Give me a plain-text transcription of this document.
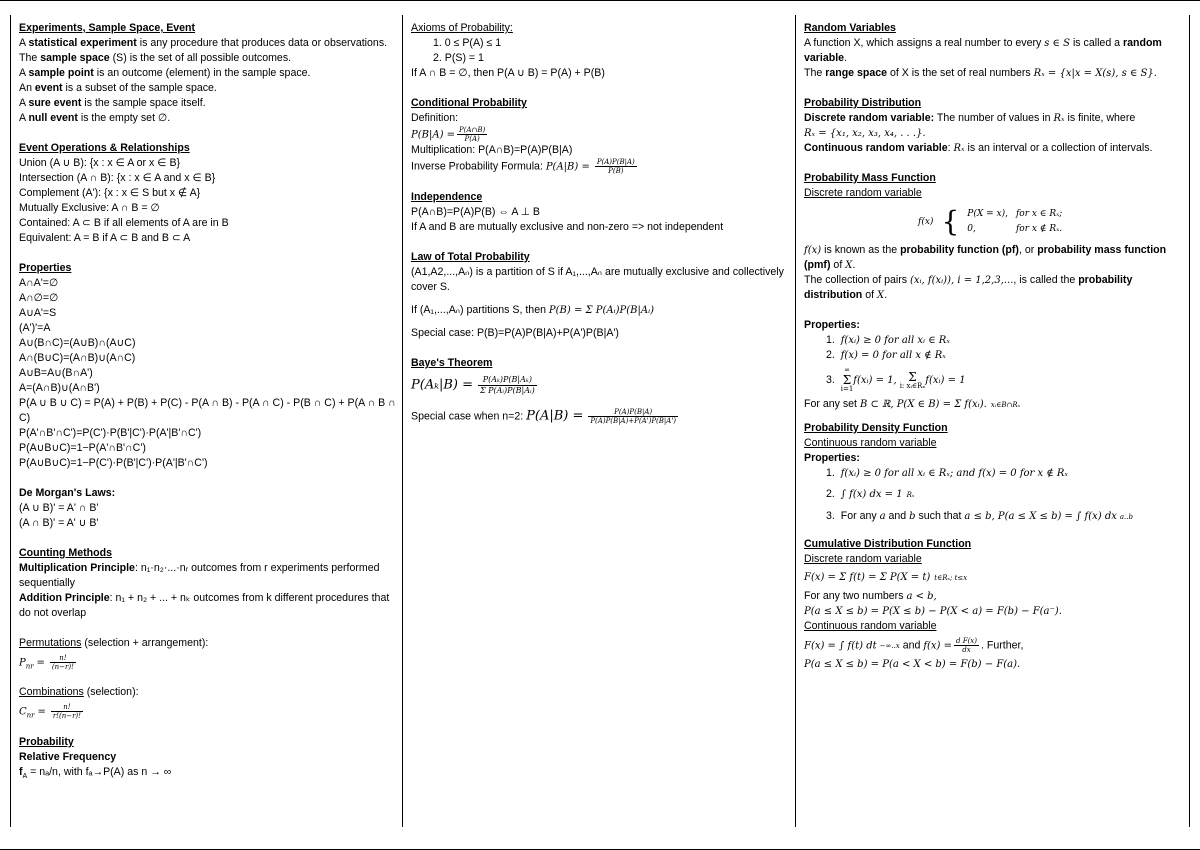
Experiments, Sample Space, Event
A statistical experiment is any procedure that produces data or observations.
The sample space (S) is the set of all possible outcomes.
A sample point is an outcome (element) in the sample space.
An event is a subset of the sample space.
A sure event is the sample space itself.
A null event is the empty set ∅.
Event Operations & Relationships
Union (A ∪ B): {x : x ∈ A or x ∈ B}
Intersection (A ∩ B): {x : x ∈ A and x ∈ B}
Complement (A'): {x : x ∈ S but x ∉ A}
Mutually Exclusive: A ∩ B = ∅
Contained: A ⊂ B if all elements of A are in B
Equivalent: A = B if A ⊂ B and B ⊂ A
Properties
A∩A'=∅
A∩∅=∅
A∪A'=S
(A')'=A
A∪(B∩C)=(A∪B)∩(A∪C)
A∩(B∪C)=(A∩B)∪(A∩C)
A∪B=A∪(B∩A')
A=(A∩B)∪(A∩B')
P(A ∪ B ∪ C) = P(A) + P(B) + P(C) - P(A ∩ B) - P(A ∩ C) - P(B ∩ C) + P(A ∩ B ∩ C)
P(A'∩B'∩C')=P(C')·P(B'|C')·P(A'|B'∩C')
P(A∪B∪C)=1−P(A'∩B'∩C')
P(A∪B∪C)=1−P(C')·P(B'|C')·P(A'|B'∩C')
De Morgan's Laws:
(A ∪ B)' = A' ∩ B'
(A ∩ B)' = A' ∪ B'
Counting Methods
Multiplication Principle: n₁·n₂·...·nᵣ outcomes from r experiments performed sequentially
Addition Principle: n₁ + n₂ + ... + nₖ outcomes from k different procedures that do not overlap
Permutations (selection + arrangement):
$P_{nr} = \frac{n!}{(n-r)!}$
Combinations (selection):
$C_{nr} = \frac{n!}{r!(n-r)!}$
Probability
Relative Frequency
$f_A = n_a/n$, with fₐ→P(A) as n → ∞
Axioms of Probability:
1. 0 ≤ P(A) ≤ 1
2. P(S) = 1
If A ∩ B = ∅, then P(A ∪ B) = P(A) + P(B)
Conditional Probability
Definition:
$P(B|A) = \frac{P(A\cap B)}{P(A)}$
Multiplication: P(A∩B)=P(A)P(B|A)
Inverse Probability Formula: $P(A|B) = \frac{P(A)P(B|A)}{P(B)}$
Independence
P(A∩B)=P(A)P(B) ⇔ A ⊥ B
If A and B are mutually exclusive and non-zero => not independent
Law of Total Probability
(A1,A2,...,Aₙ) is a partition of S if A₁,...,Aₙ are mutually exclusive and collectively cover S.
If (A₁,...,Aₙ) partitions S, then P(B) = Σ P(Aᵢ)P(B|Aᵢ)
Special case: P(B)=P(A)P(B|A)+P(A')P(B|A')
Baye's Theorem
$P(A_k|B) = \frac{\text{P(Aₖ)P(B|Aₖ)}}{\text{Σ P(Aᵢ)P(B|Aᵢ)}}$
Special case when n=2: $P(A|B) = \frac{P(A)P(B|A)}{P(A)P(B|A)+P(A')P(B|A')}$
Random Variables
A function X, which assigns a real number to every s ∈ S is called a random variable.
The range space of X is the set of real numbers Rₓ = {x|x = X(s), s ∈ S}.
Probability Distribution
Discrete random variable: The number of values in Rₓ is finite, where
Rₓ = {x₁, x₂, x₃, x₄, . . .}.
Continuous random variable: Rₓ is an interval or a collection of intervals.
Probability Mass Function
Discrete random variable
f(x)	{	P(X = x),	for x ∈ Rₓ;
		0,	for x ∉ Rₓ.
f(x) is known as the probability function (pf), or probability mass function (pmf) of X.
The collection of pairs (xᵢ, f(xᵢ)), i = 1,2,3,..., is called the probability distribution of X.
Properties:
1. f(xᵢ) ≥ 0 for all xᵢ ∈ Rₓ
2. f(x) = 0 for all x ∉ Rₓ
3.  ∞
Σ
i=1f(xᵢ) = 1, Σ
i: xᵢ∈Rₓf(xᵢ) = 1
For any set B ⊂ ℝ, P(X ∈ B) = Σ f(xᵢ). xᵢ∈B∩Rₓ
Probability Density Function
Continuous random variable
Properties:
1. f(xᵢ) ≥ 0 for all xᵢ ∈ Rₓ; and f(x) = 0 for x ∉ Rₓ
2. ∫ f(x) dx = 1 Rₓ
3. For any a and b such that a ≤ b, P(a ≤ X ≤ b) = ∫ f(x) dx a..b
Cumulative Distribution Function
Discrete random variable
F(x) = Σ f(t) = Σ P(X = t) t∈Rₓ; t≤x
For any two numbers a < b,
P(a ≤ X ≤ b) = P(X ≤ b) − P(X < a) = F(b) − F(a⁻).
Continuous random variable
F(x) = ∫ f(t) dt −∞..x and $f(x) = \frac{\text{d F(x)}}{dx}$ . Further,
P(a ≤ X ≤ b) = P(a < X < b) = F(b) − F(a).
